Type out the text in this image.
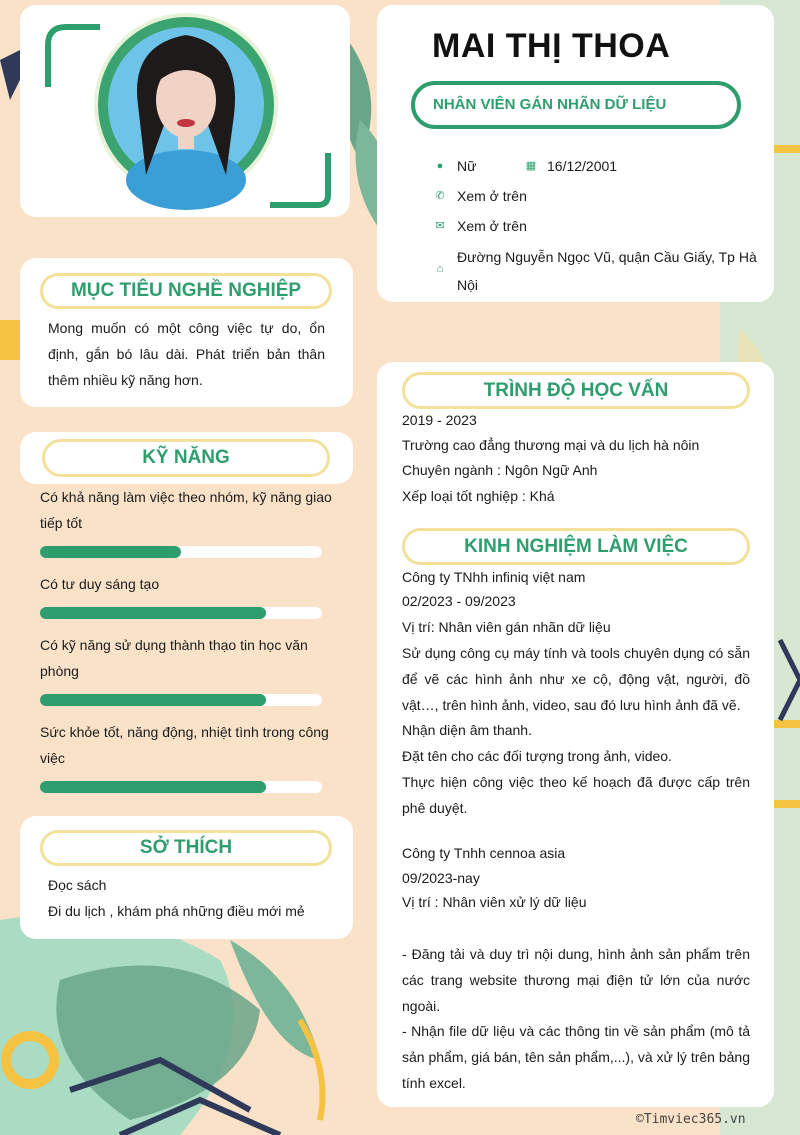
MAI THỊ THOA
NHÂN VIÊN GÁN NHÃN DỮ LIỆU
● Nữ	▦ 16/12/2001
✆ Xem ở trên
✉ Xem ở trên
⌂
Đường Nguyễn Ngọc Vũ, quận Cầu Giấy, Tp Hà Nội
MỤC TIÊU NGHỀ NGHIỆP
Mong muốn có một công việc tự do, ổn định, gắn bó lâu dài. Phát triển bản thân thêm nhiều kỹ năng hơn.
KỸ NĂNG
Có khả năng làm việc theo nhóm, kỹ năng giao tiếp tốt
Có tư duy sáng tạo
Có kỹ năng sử dụng thành thạo tin học văn phòng
Sức khỏe tốt, năng động, nhiệt tình trong công việc
SỞ THÍCH
Đọc sách
Đi du lịch , khám phá những điều mới mẻ
TRÌNH ĐỘ HỌC VẤN
2019 - 2023
Trường cao đẳng thương mại và du lịch hà nôin
Chuyên ngành : Ngôn Ngữ Anh
Xếp loại tốt nghiệp : Khá
KINH NGHIỆM LÀM VIỆC
Công ty TNhh infiniq việt nam
02/2023 - 09/2023
Vị trí: Nhân viên gán nhãn dữ liệu
Sử dụng công cụ máy tính và tools chuyên dụng có sẵn để vẽ các hình ảnh như xe cộ, động vật, người, đồ vật…, trên hình ảnh, video, sau đó lưu hình ảnh đã vẽ.
Nhận diện âm thanh.
Đặt tên cho các đối tượng trong ảnh, video.
Thực hiện công việc theo kế hoạch đã được cấp trên phê duyệt.
Công ty Tnhh cennoa asia
09/2023-nay
Vị trí : Nhân viên xử lý dữ liệu
- Đăng tải và duy trì nội dung, hình ảnh sản phẩm trên các trang website thương mại điện tử lớn của nước ngoài.
- Nhận file dữ liệu và các thông tin về sản phẩm (mô tả sản phẩm, giá bán, tên sản phẩm,...), và xử lý trên bảng tính excel.
©Timviec365.vn
